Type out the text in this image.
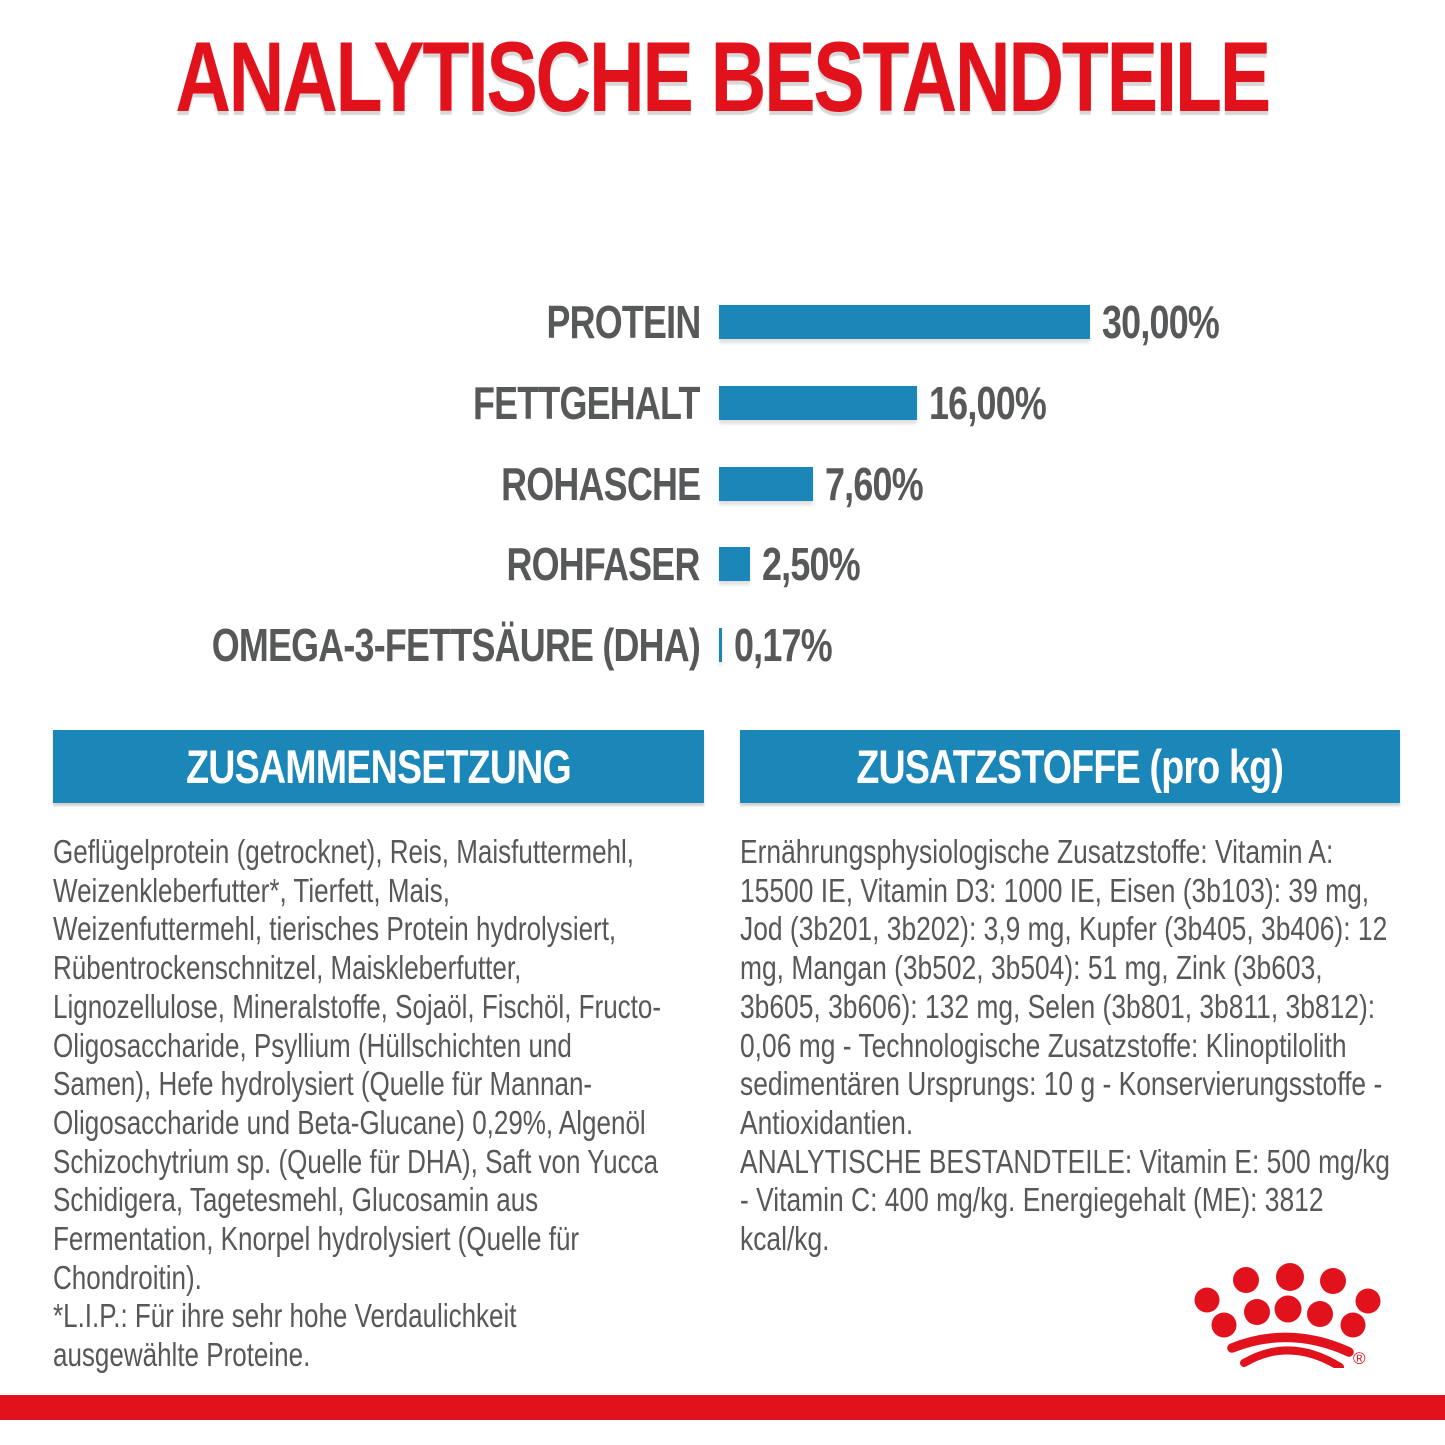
ANALYTISCHE BESTANDTEILE
PROTEIN	30,00%
FETTGEHALT	16,00%
ROHASCHE	7,60%
ROHFASER 2,50%
OMEGA-3-FETTSÄURE (DHA) 0,17%
ZUSAMMENSETZUNG

Geflügelprotein (getrocknet), Reis, Maisfuttermehl, Weizenkleberfutter*, Tierfett, Mais, Weizenfuttermehl, tierisches Protein hydrolysiert, Rübentrockenschnitzel, Maiskleberfutter, Lignozellulose, Mineralstoffe, Sojaöl, Fischöl, Fructo-Oligosaccharide, Psyllium (Hüllschichten und Samen), Hefe hydrolysiert (Quelle für Mannan-Oligosaccharide und Beta-Glucane) 0,29%, Algenöl Schizochytrium sp. (Quelle für DHA), Saft von Yucca Schidigera, Tagetesmehl, Glucosamin aus Fermentation, Knorpel hydrolysiert (Quelle für Chondroitin).

*L.I.P.: Für ihre sehr hohe Verdaulichkeit ausgewählte Proteine.

ZUSATZSTOFFE (pro kg)

Ernährungsphysiologische Zusatzstoffe: Vitamin A: 15500 IE, Vitamin D3: 1000 IE, Eisen (3b103): 39 mg, Jod (3b201, 3b202): 3,9 mg, Kupfer (3b405, 3b406): 12 mg, Mangan (3b502, 3b504): 51 mg, Zink (3b603, 3b605, 3b606): 132 mg, Selen (3b801, 3b811, 3b812): 0,06 mg - Technologische Zusatzstoffe: Klinoptilolith sedimentären Ursprungs: 10 g - Konservierungsstoffe - Antioxidantien.

ANALYTISCHE BESTANDTEILE: Vitamin E: 500 mg/kg - Vitamin C: 400 mg/kg. Energiegehalt (ME): 3812 kcal/kg.

®
